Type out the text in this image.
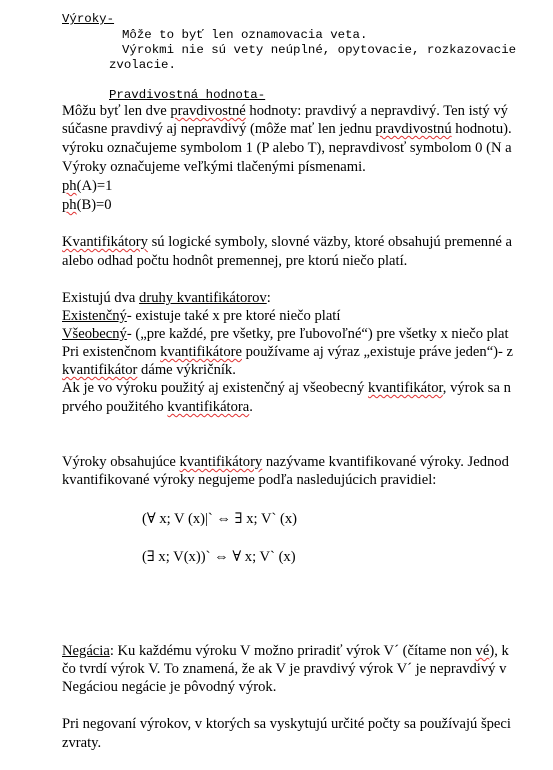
Výroky-
Môže to byť len oznamovacia veta.
Výrokmi nie sú vety neúplné, opytovacie, rozkazovacie
zvolacie.
Pravdivostná hodnota-
Môžu byť len dve pravdivostné hodnoty: pravdivý a nepravdivý. Ten istý vý
súčasne pravdivý aj nepravdivý (môže mať len jednu pravdivostnú hodnotu).
výroku označujeme symbolom 1 (P alebo T), nepravdivosť symbolom 0 (N a
Výroky označujeme veľkými tlačenými písmenami.
ph(A)=1
ph(B)=0
Kvantifikátory sú logické symboly, slovné väzby, ktoré obsahujú premenné a
alebo odhad počtu hodnôt premennej, pre ktorú niečo platí.
Existujú dva druhy kvantifikátorov:
Existenčný- existuje také x pre ktoré niečo platí
Všeobecný- („pre každé, pre všetky, pre ľubovoľné“) pre všetky x niečo plat
Pri existenčnom kvantifikátore používame aj výraz „existuje práve jeden“)- z
kvantifikátor dáme výkričník.
Ak je vo výroku použitý aj existenčný aj všeobecný kvantifikátor, výrok sa n
prvého použitého kvantifikátora.
Výroky obsahujúce kvantifikátory nazývame kvantifikované výroky. Jednod
kvantifikované výroky negujeme podľa nasledujúcich pravidiel:
(∀ x; V (x)|` ⇔ ∃ x; V` (x)
(∃ x; V(x))` ⇔ ∀ x; V` (x)
Negácia: Ku každému výroku V možno priradiť výrok V´ (čítame non vé), k
čo tvrdí výrok V. To znamená, že ak V je pravdivý výrok V´ je nepravdivý v
Negáciou negácie je pôvodný výrok.
Pri negovaní výrokov, v ktorých sa vyskytujú určité počty sa používajú špeci
zvraty.
